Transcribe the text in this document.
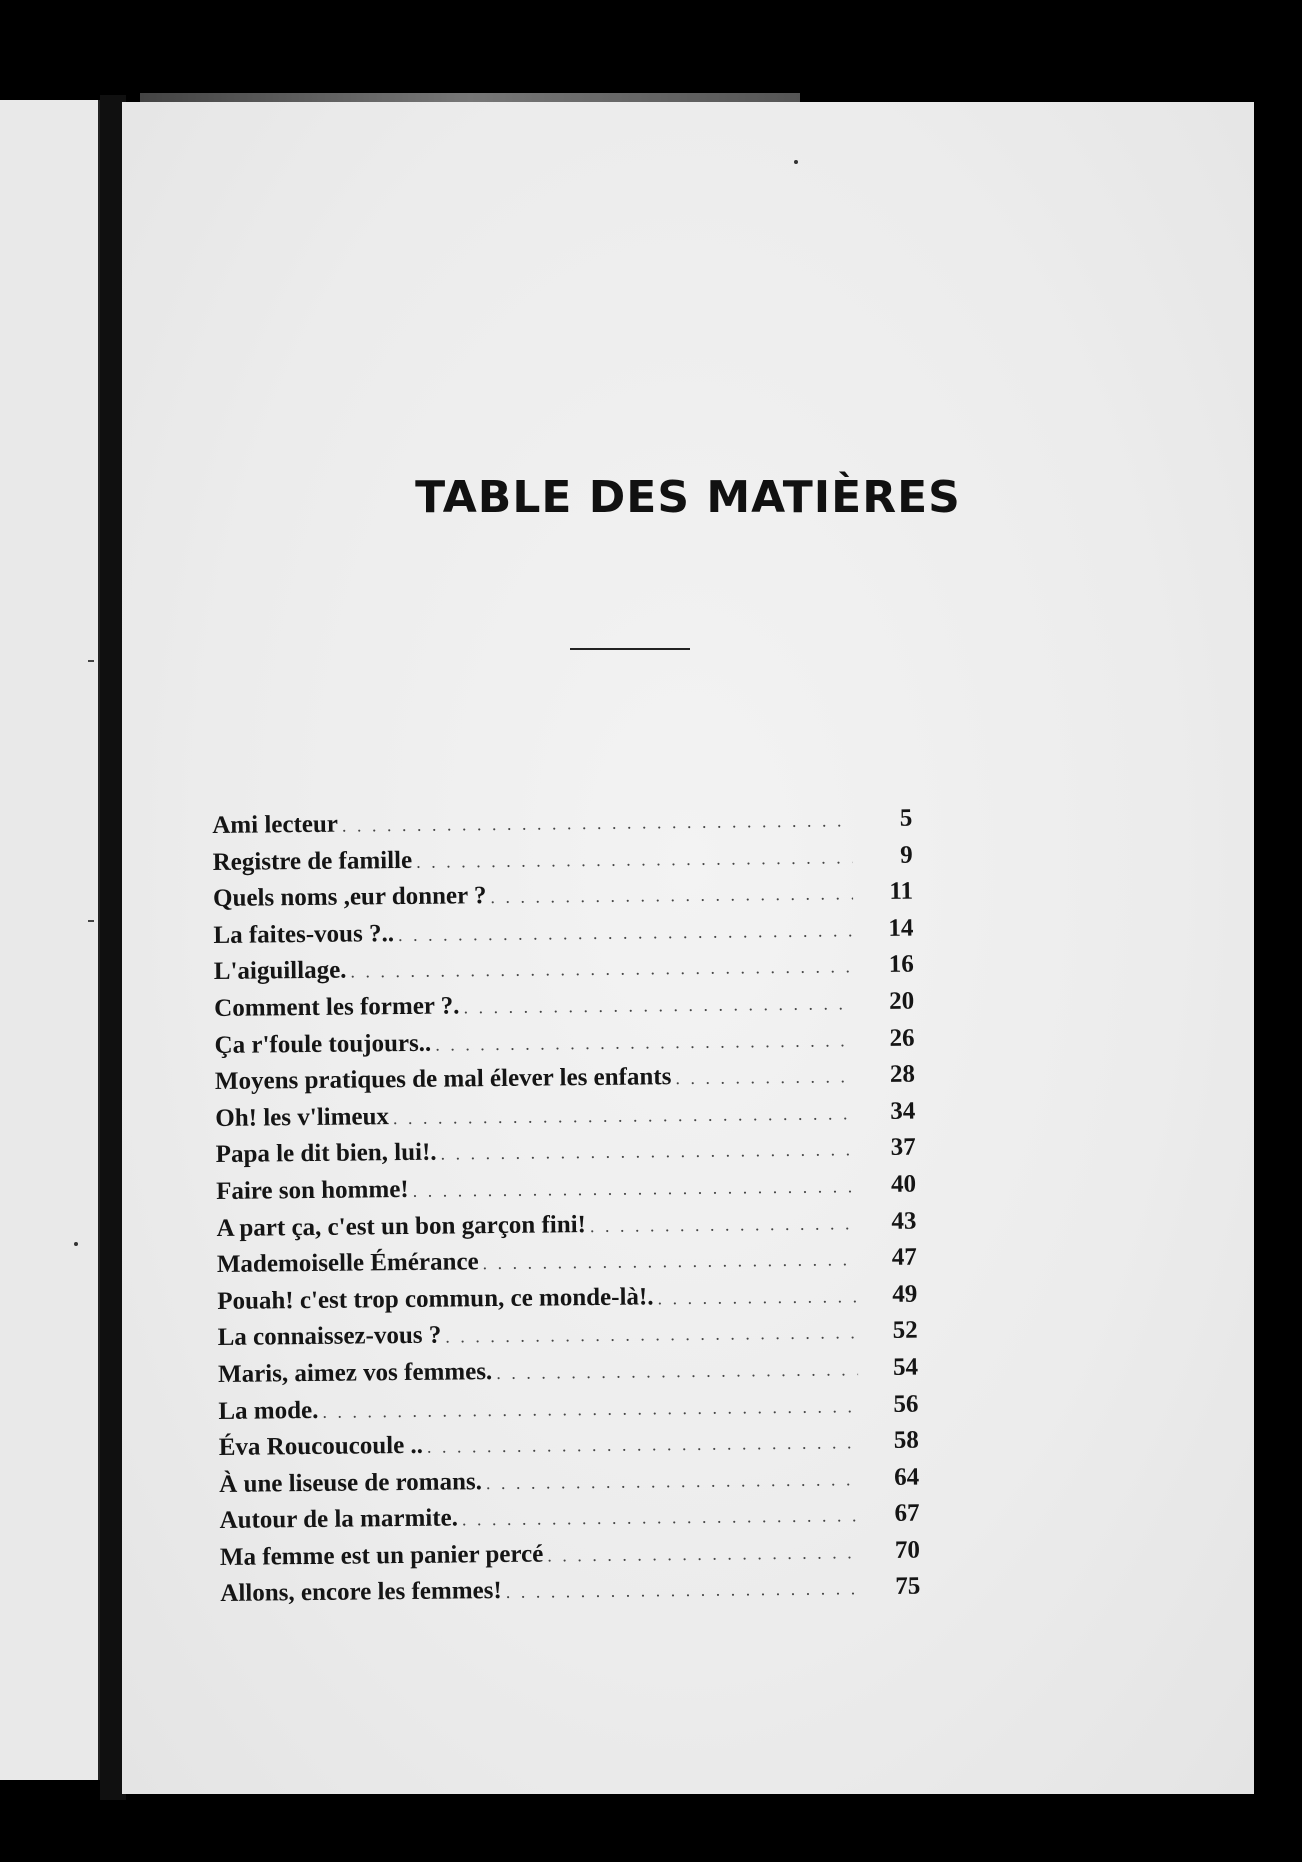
TABLE DES MATIÈRES
Ami lecteur . . .	5
Registre de famille . . .	9
Quels noms ,eur donner ? . . .	11
La faites-vous ?.. . . .	14
L'aiguillage. . . .	16
Comment les former ?. . . .	20
Ça r'foule toujours.. . . .	26
Moyens pratiques de mal élever les enfants . . .	28
Oh! les v'limeux . . .	34
Papa le dit bien, lui!. . . .	37
Faire son homme! . . .	40
A part ça, c'est un bon garçon fini! . . .	43
Mademoiselle Émérance . . .	47
Pouah! c'est trop commun, ce monde-là!. . . .	49
La connaissez-vous ? . . .	52
Maris, aimez vos femmes. . . .	54
La mode. . . .	56
Éva Roucoucoule .. . . .	58
À une liseuse de romans. . . .	64
Autour de la marmite. . . .	67
Ma femme est un panier percé . . .	70
Allons, encore les femmes! . . .	75
